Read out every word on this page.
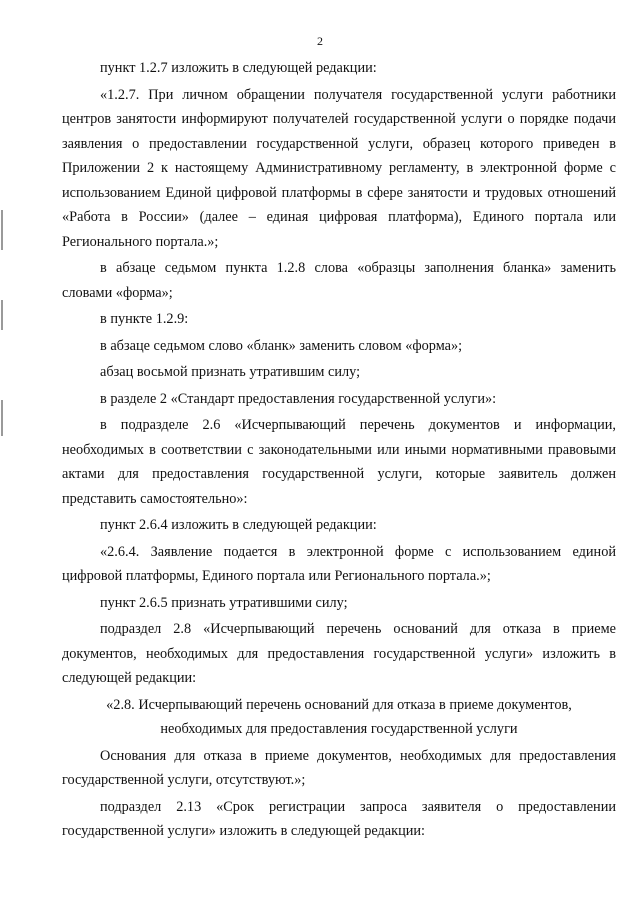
2

пункт 1.2.7 изложить в следующей редакции:

«1.2.7. При личном обращении получателя государственной услуги работники центров занятости информируют получателей государственной услуги о порядке подачи заявления о предоставлении государственной услуги, образец которого приведен в Приложении 2 к настоящему Административному регламенту, в электронной форме с использованием Единой цифровой платформы в сфере занятости и трудовых отношений «Работа в России» (далее – единая цифровая платформа), Единого портала или Регионального портала.»;

в абзаце седьмом пункта 1.2.8 слова «образцы заполнения бланка» заменить словами «форма»;

в пункте 1.2.9:

в абзаце седьмом слово «бланк» заменить словом «форма»;

абзац восьмой признать утратившим силу;

в разделе 2 «Стандарт предоставления государственной услуги»:

в подразделе 2.6 «Исчерпывающий перечень документов и информации, необходимых в соответствии с законодательными или иными нормативными правовыми актами для предоставления государственной услуги, которые заявитель должен представить самостоятельно»:

пункт 2.6.4 изложить в следующей редакции:

«2.6.4. Заявление подается в электронной форме с использованием единой цифровой платформы, Единого портала или Регионального портала.»;

пункт 2.6.5 признать утратившими силу;

подраздел 2.8 «Исчерпывающий перечень оснований для отказа в приеме документов, необходимых для предоставления государственной услуги» изложить в следующей редакции:

«2.8. Исчерпывающий перечень оснований для отказа в приеме документов,

необходимых для предоставления государственной услуги

Основания для отказа в приеме документов, необходимых для предоставления государственной услуги, отсутствуют.»;

подраздел 2.13 «Срок регистрации запроса заявителя о предоставлении государственной услуги» изложить в следующей редакции:
